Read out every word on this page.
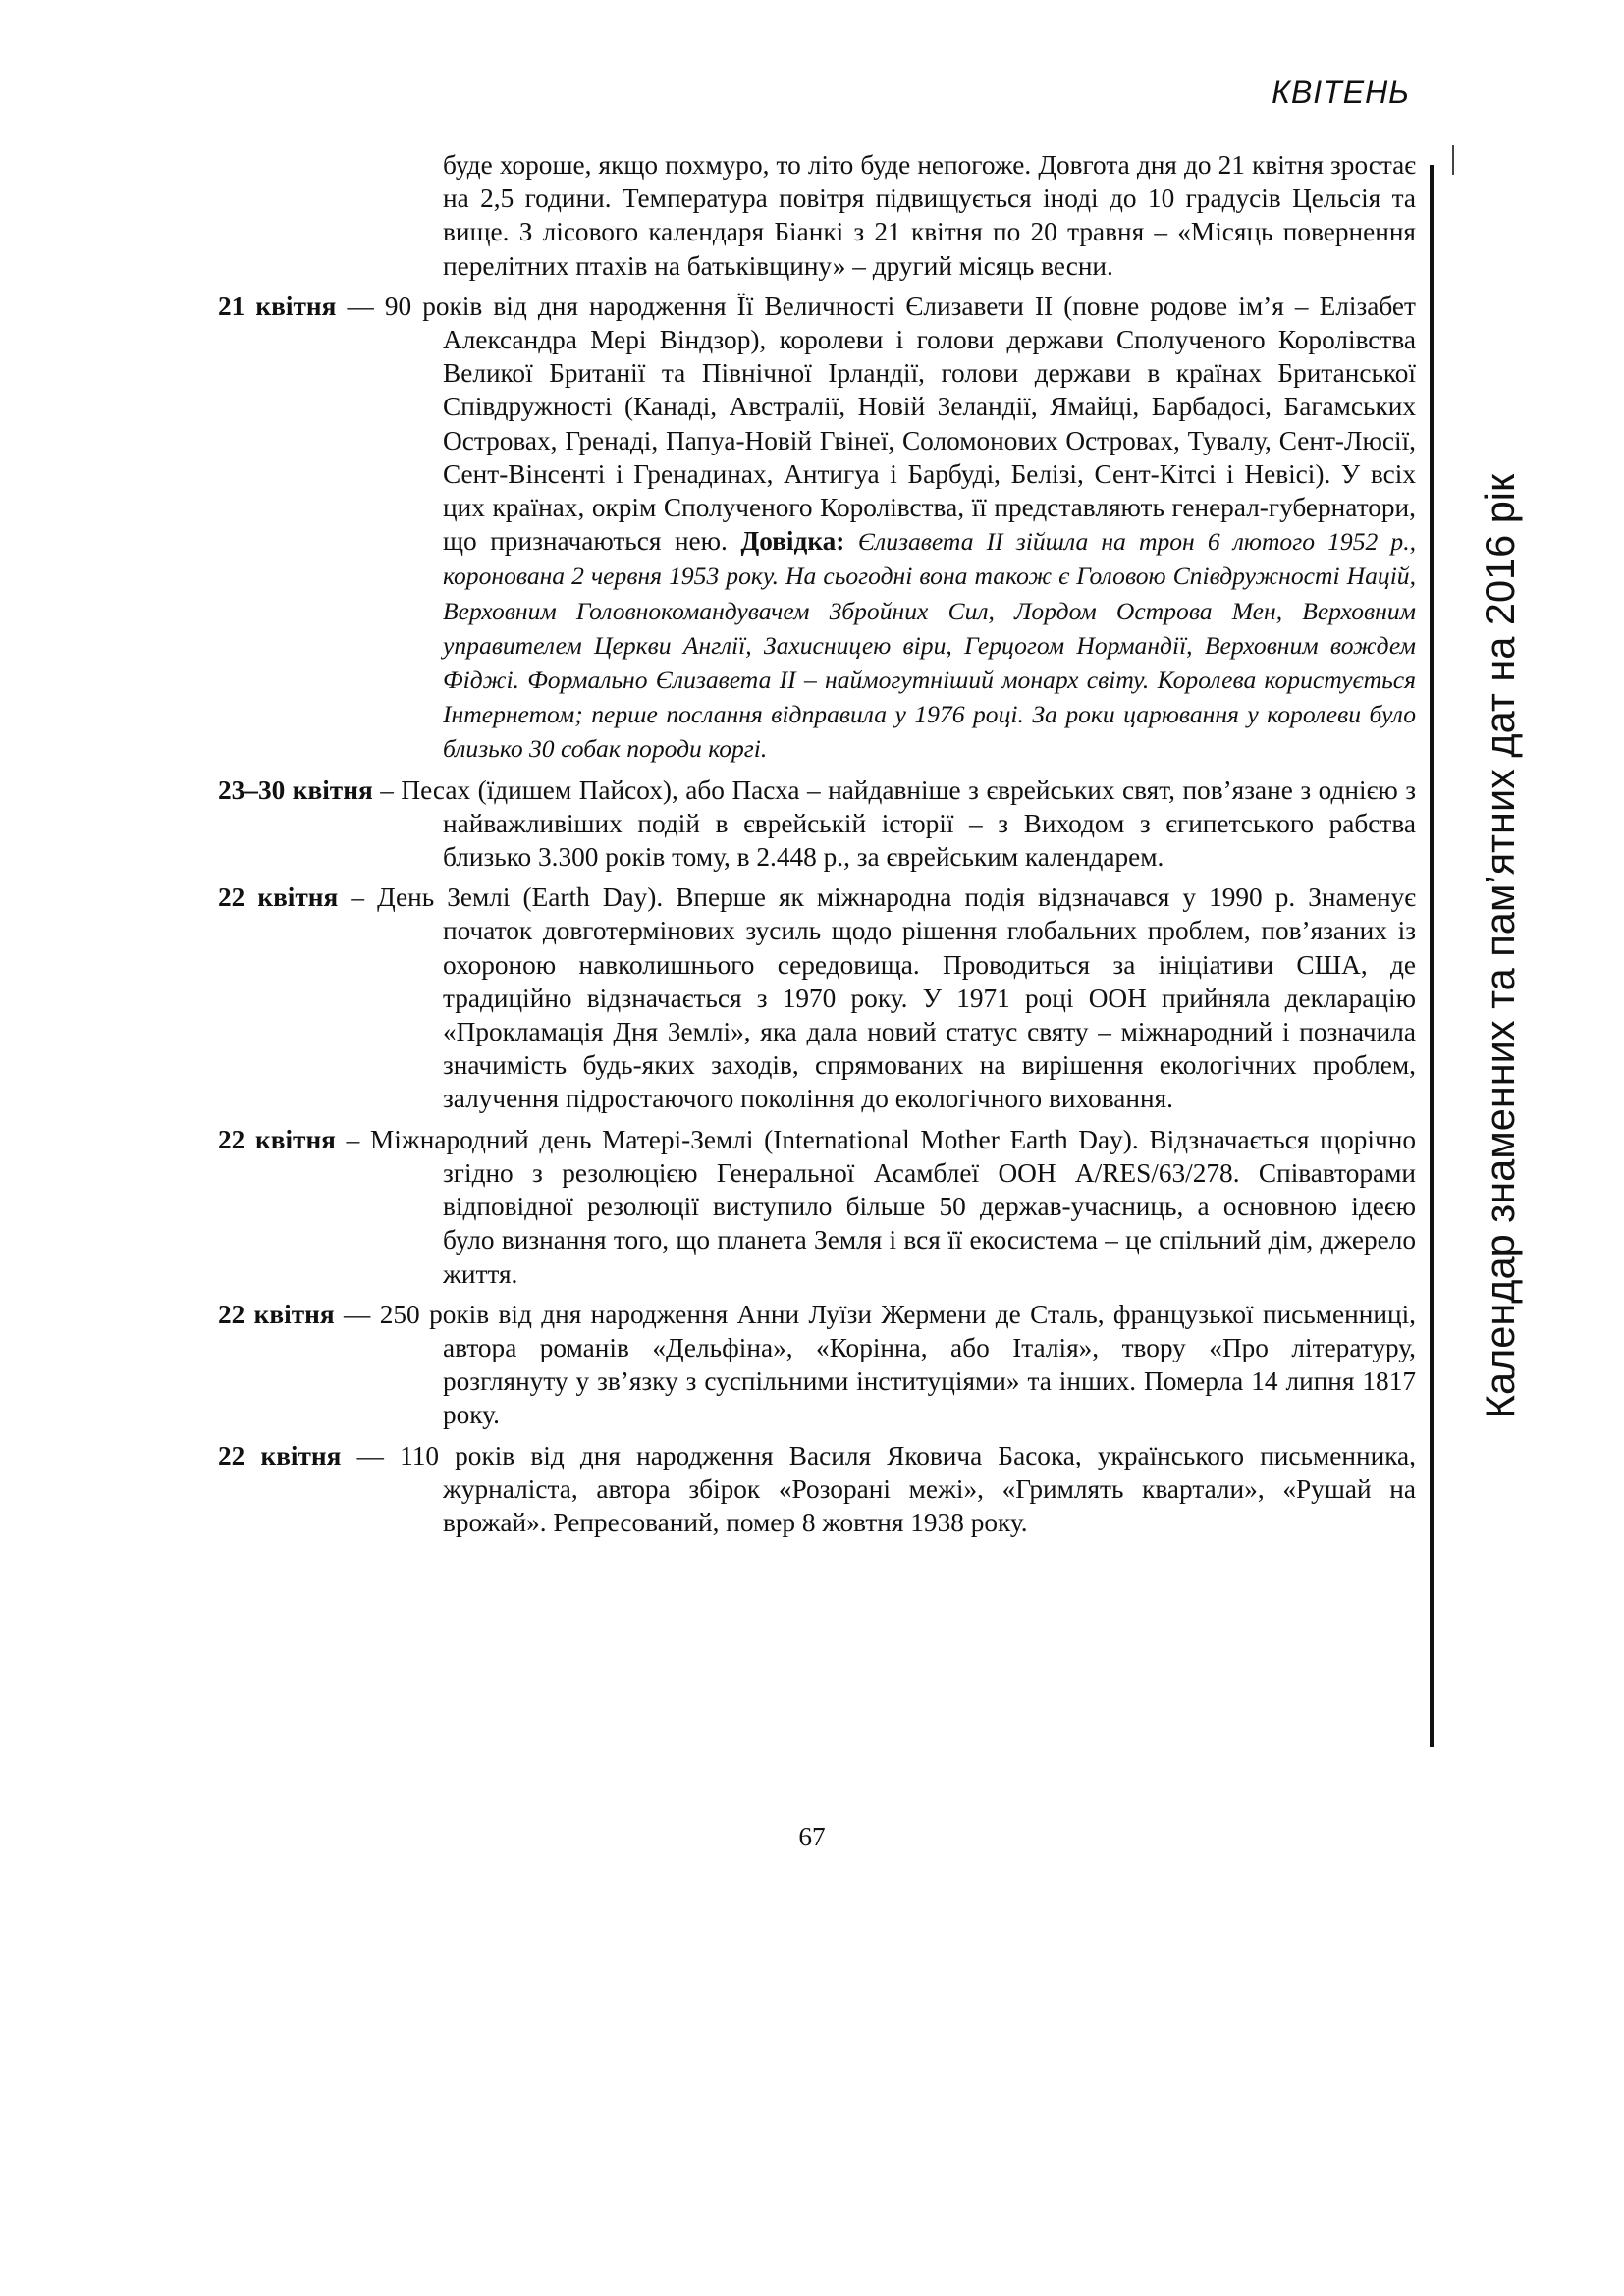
КВІТЕНЬ
Календар знаменних та пам’ятних дат на 2016 рік
буде хороше, якщо похмуро, то літо буде непогоже. Довгота дня до 21 квітня зростає на 2,5 години. Температура повітря підвищується іноді до 10 градусів Цельсія та вище. З лісового календаря Біанкі з 21 квітня по 20 травня – «Місяць повернення перелітних птахів на батьківщину» – другий місяць весни.

21 квітня — 90 років від дня народження Її Величності Єлизавети II (повне родове ім’я – Елізабет Александра Мері Віндзор), королеви і голови держави Сполученого Королівства Великої Британії та Північної Ірландії, голови держави в країнах Британської Співдружності (Канаді, Австралії, Новій Зеландії, Ямайці, Барбадосі, Багамських Островах, Гренаді, Папуа-Новій Гвінеї, Соломонових Островах, Тувалу, Сент-Люсії, Сент-Вінсенті і Гренадинах, Антигуа і Барбуді, Белізі, Сент-Кітсі і Невісі). У всіх цих країнах, окрім Сполученого Королівства, її представляють генерал-губернатори, що призначаються нею. Довідка: Єлизавета II зійшла на трон 6 лютого 1952 р., коронована 2 червня 1953 року. На сьогодні вона також є Головою Співдружності Націй, Верховним Головнокомандувачем Збройних Сил, Лордом Острова Мен, Верховним управителем Церкви Англії, Захисницею віри, Герцогом Нормандії, Верховним вождем Фіджі. Формально Єлизавета II – наймогутніший монарх світу. Королева користується Інтернетом; перше послання відправила у 1976 році. За роки царювання у королеви було близько 30 собак породи коргі.

23–30 квітня – Песах (їдишем Пайсох), або Пасха – найдавніше з єврейських свят, пов’язане з однією з найважливіших подій в єврейській історії – з Виходом з єгипетського рабства близько 3.300 років тому, в 2.448 р., за єврейським календарем.

22 квітня – День Землі (Earth Day). Вперше як міжнародна подія відзначався у 1990 р. Знаменує початок довготермінових зусиль щодо рішення глобальних проблем, пов’язаних із охороною навколишнього середовища. Проводиться за ініціативи США, де традиційно відзначається з 1970 року. У 1971 році ООН прийняла декларацію «Прокламація Дня Землі», яка дала новий статус святу – міжнародний і позначила значимість будь-яких заходів, спрямованих на вирішення екологічних проблем, залучення підростаючого покоління до екологічного виховання.

22 квітня – Міжнародний день Матері-Землі (International Mother Earth Day). Відзначається щорічно згідно з резолюцією Генеральної Асамблеї ООН A/RES/63/278. Співавторами відповідної резолюції виступило більше 50 держав-учасниць, а основною ідеєю було визнання того, що планета Земля і вся її екосистема – це спільний дім, джерело життя.

22 квітня — 250 років від дня народження Анни Луїзи Жермени де Сталь, французької письменниці, автора романів «Дельфіна», «Корінна, або Італія», твору «Про літературу, розглянуту у зв’язку з суспільними інституціями» та інших. Померла 14 липня 1817 року.

22 квітня — 110 років від дня народження Василя Яковича Басока, українського письменника, журналіста, автора збірок «Розорані межі», «Гримлять квартали», «Рушай на врожай». Репресований, помер 8 жовтня 1938 року.

67
